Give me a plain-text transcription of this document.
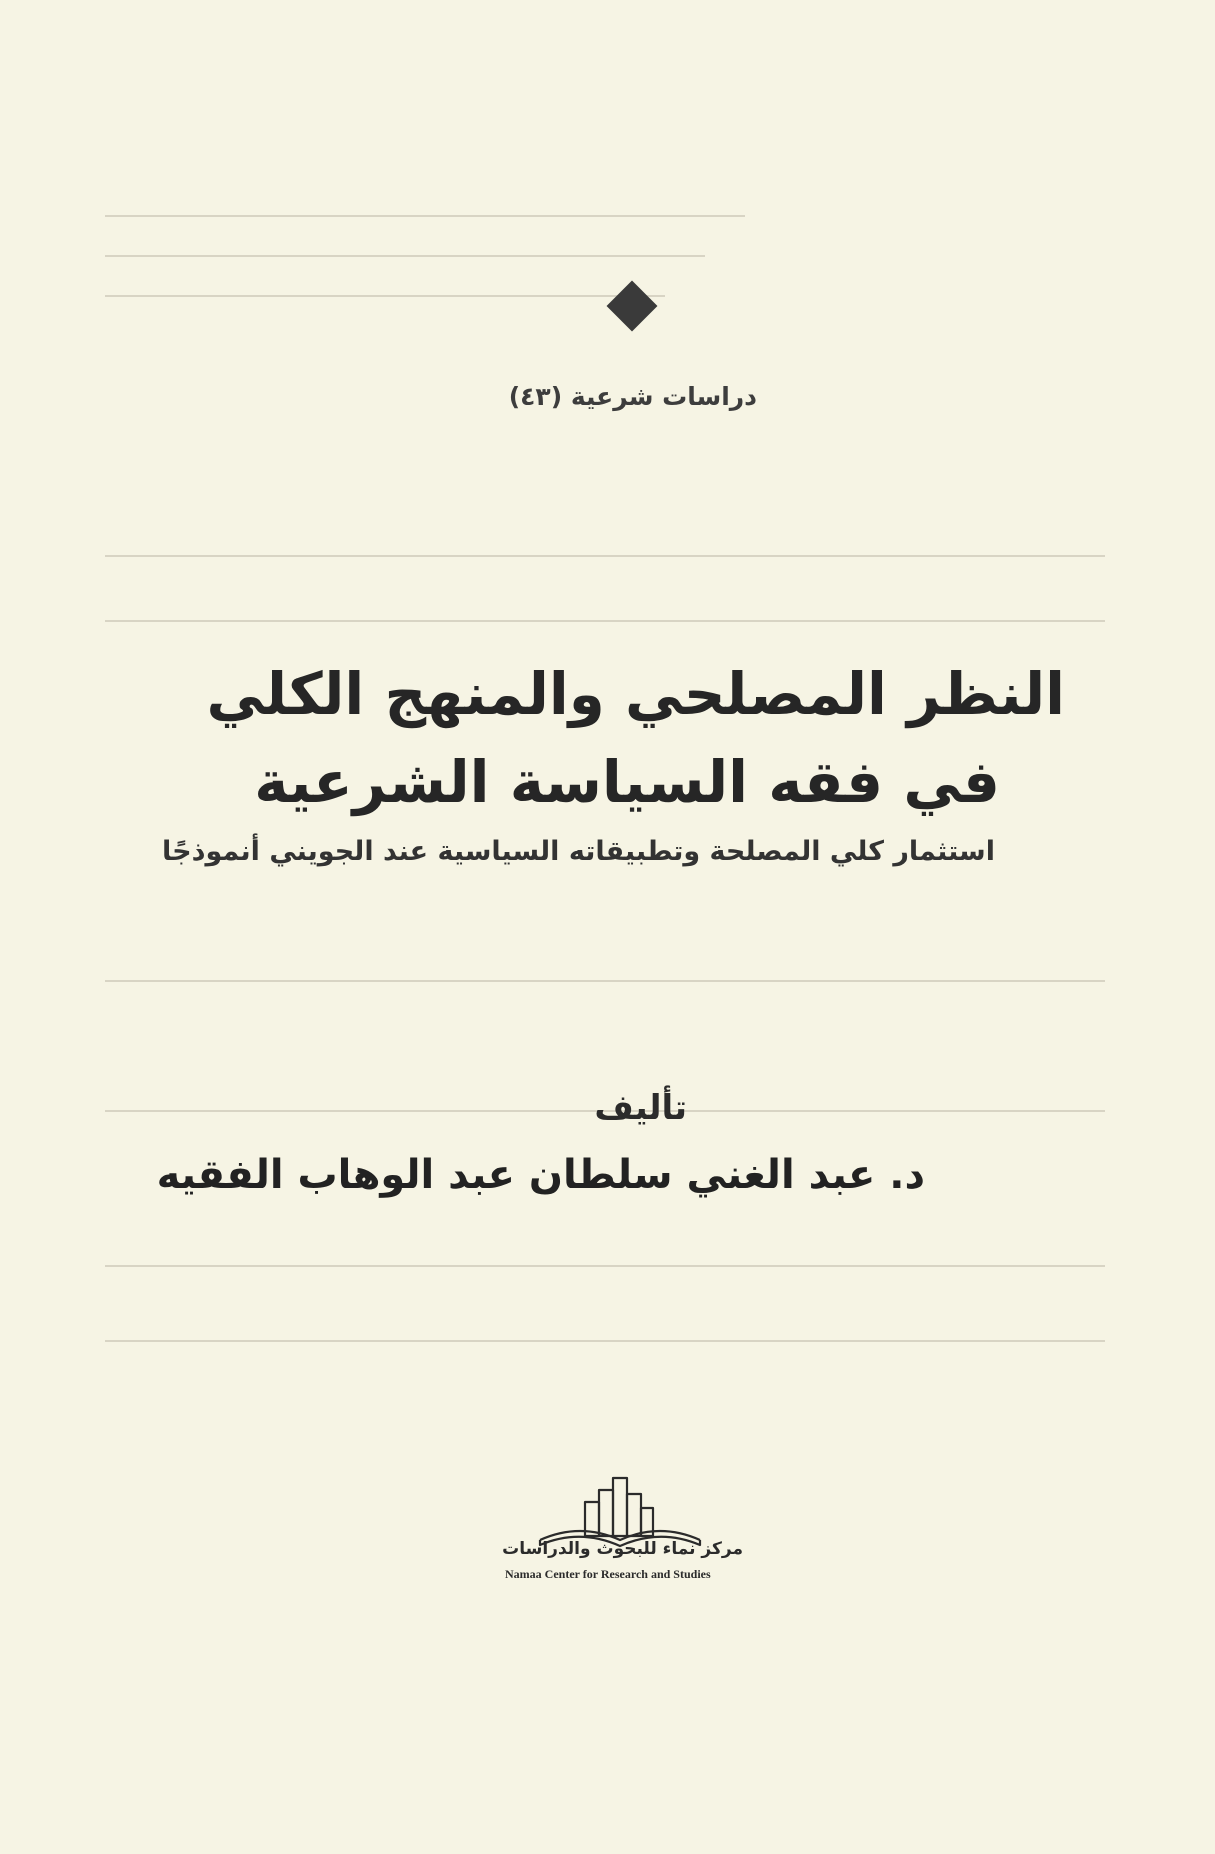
دراسات شرعية (٤٣)
النظر المصلحي والمنهج الكلي
في فقه السياسة الشرعية
استثمار كلي المصلحة وتطبيقاته السياسية عند الجويني أنموذجًا
تأليف
د. عبد الغني سلطان عبد الوهاب الفقيه
مركز نماء للبحوث والدراسات
Namaa Center for Research and Studies
